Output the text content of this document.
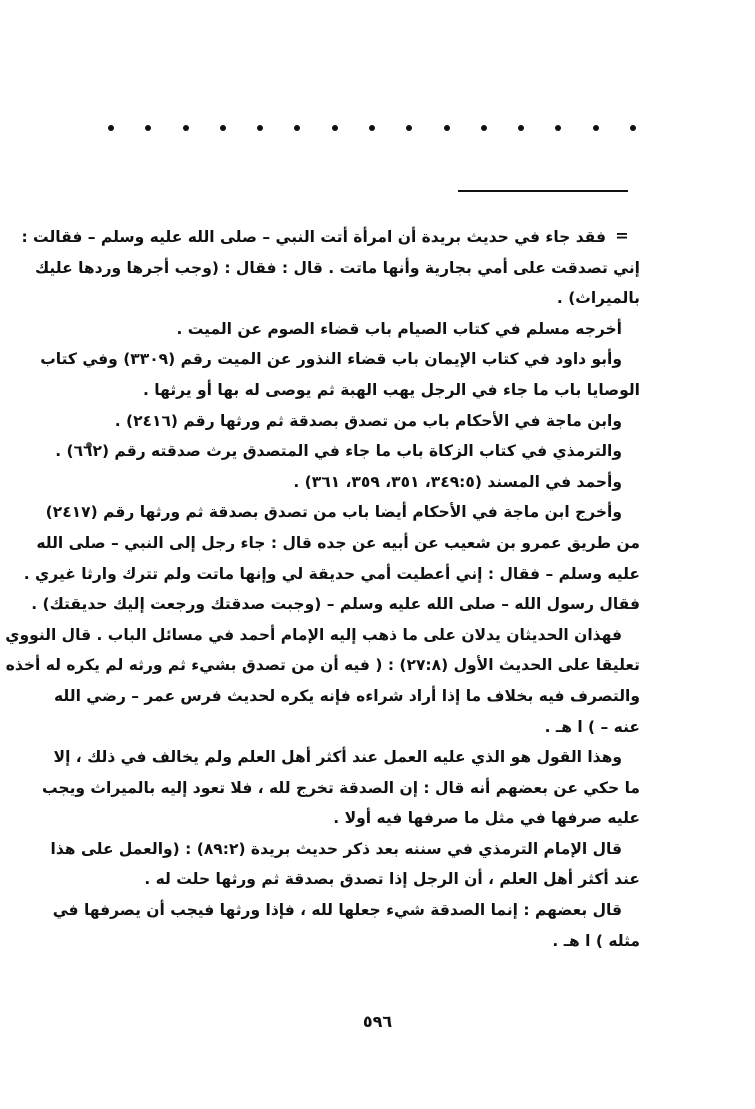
=
فقد جاء في حديث بريدة أن امرأة أتت النبي – صلى الله عليه وسلم – فقالت :
إني تصدقت على أمي بجارية وأنها ماتت . قال : فقال : (وجب أجرها وردها عليك
بالميراث) .
أخرجه مسلم في كتاب الصيام باب قضاء الصوم عن الميت .
وأبو داود في كتاب الإيمان باب قضاء النذور عن الميت رقم (٣٣٠٩) وفي كتاب
الوصايا باب ما جاء في الرجل يهب الهبة ثم يوصى له بها أو يرثها .
وابن ماجة في الأحكام باب من تصدق بصدقة ثم ورثها رقم (٢٤١٦) .
والترمذي في كتاب الزكاة باب ما جاء في المتصدق يرث صدقته رقم (٦٦٢) .
وأحمد في المسند (٣٤٩:٥، ٣٥١، ٣٥٩، ٣٦١) .
وأخرج ابن ماجة في الأحكام أيضا باب من تصدق بصدقة ثم ورثها رقم (٢٤١٧)
من طريق عمرو بن شعيب عن أبيه عن جده قال : جاء رجل إلى النبي – صلى الله
عليه وسلم – فقال : إني أعطيت أمي حديقة لي وإنها ماتت ولم تترك وارثا غيري .
فقال رسول الله – صلى الله عليه وسلم – (وجبت صدقتك ورجعت إليك حديقتك) .
فهذان الحديثان يدلان على ما ذهب إليه الإمام أحمد في مسائل الباب . قال النووي
تعليقا على الحديث الأول (٢٧:٨) : ( فيه أن من تصدق بشيء ثم ورثه لم يكره له أخذه
والتصرف فيه بخلاف ما إذا أراد شراءه فإنه يكره لحديث فرس عمر – رضي الله
عنه – ) ا هـ .
وهذا القول هو الذي عليه العمل عند أكثر أهل العلم ولم يخالف في ذلك ، إلا
ما حكي عن بعضهم أنه قال : إن الصدقة تخرج لله ، فلا تعود إليه بالميراث ويجب
عليه صرفها في مثل ما صرفها فيه أولا .
قال الإمام الترمذي في سننه بعد ذكر حديث بريدة (٨٩:٢) : (والعمل على هذا
عند أكثر أهل العلم ، أن الرجل إذا تصدق بصدقة ثم ورثها حلت له .
قال بعضهم : إنما الصدقة شيء جعلها لله ، فإذا ورثها فيجب أن يصرفها في
مثله ) ا هـ .
٥٩٦
